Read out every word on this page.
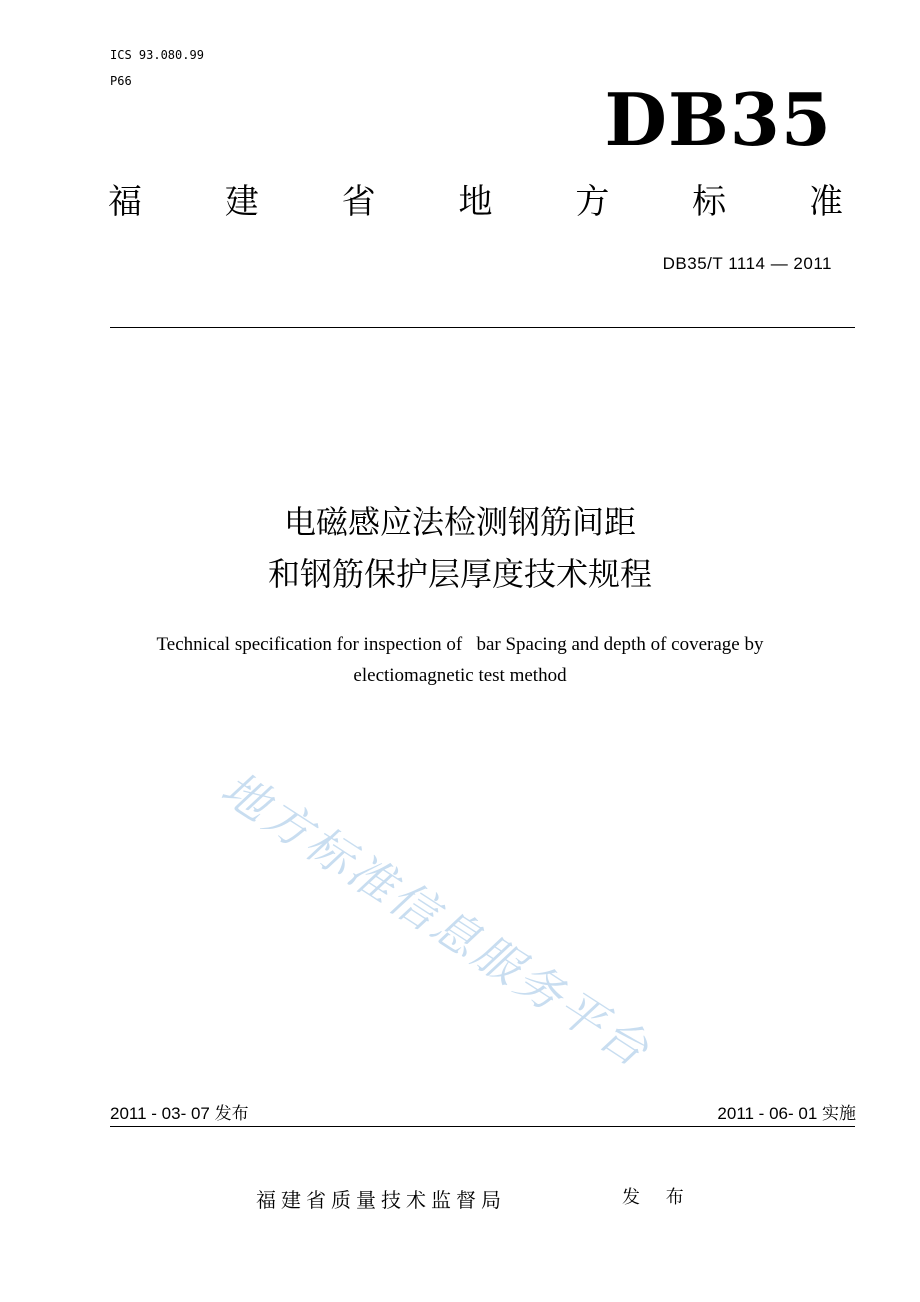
ICS 93.080.99
P66	DB35
福 建 省 地 方 标 准
DB35/T 1114 — 2011
电磁感应法检测钢筋间距
和钢筋保护层厚度技术规程
Technical specification for inspection of   bar Spacing and depth of coverage by
electiomagnetic test method
地方标准信息服务平台
2011 - 03- 07 发布	2011 - 06- 01 实施
福建省质量技术监督局	发 布
